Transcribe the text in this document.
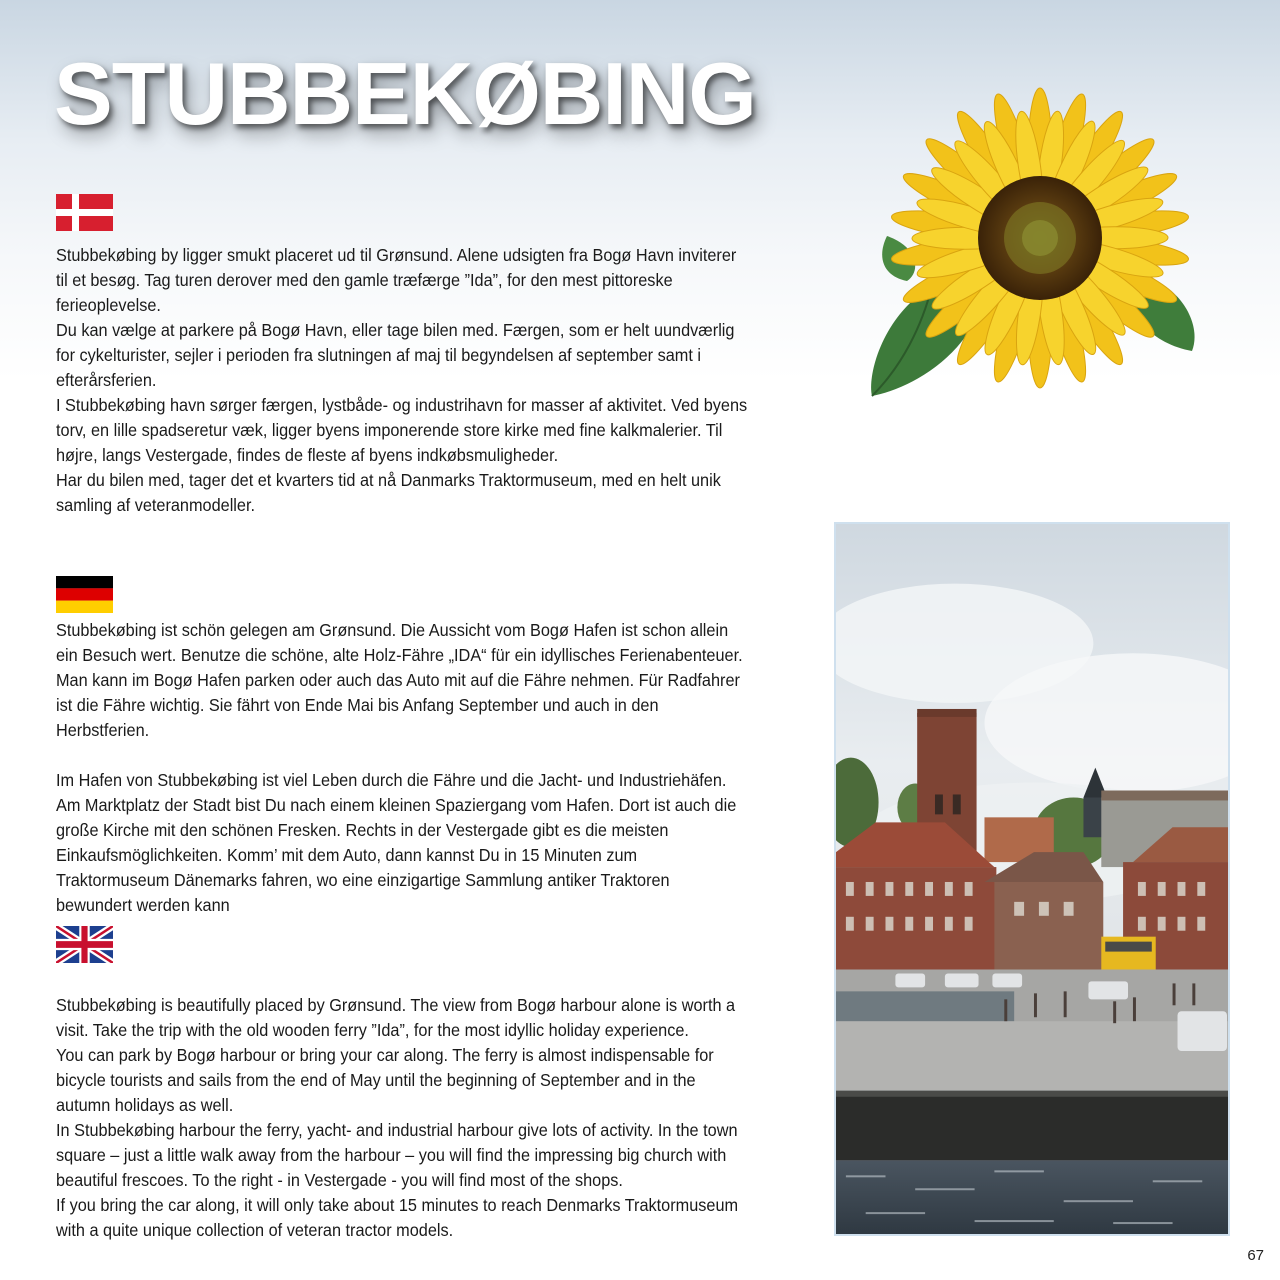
STUBBEKØBING

Stubbekøbing by ligger smukt placeret ud til Grønsund. Alene udsigten fra Bogø Havn inviterer til et besøg. Tag turen derover med den gamle træfærge ”Ida”, for den mest pittoreske ferieoplevelse.

Du kan vælge at parkere på Bogø Havn, eller tage bilen med. Færgen, som er helt uundværlig for cykelturister, sejler i perioden fra slutningen af maj til begyndelsen af september samt i efterårsferien.

I Stubbekøbing havn sørger færgen, lystbåde- og industrihavn for masser af aktivitet. Ved byens torv, en lille spadseretur væk, ligger byens imponerende store kirke med fine kalkmalerier. Til højre, langs Vestergade, findes de fleste af byens indkøbsmuligheder.

Har du bilen med, tager det et kvarters tid at nå Danmarks Traktormuseum, med en helt unik samling af veteranmodeller.

Stubbekøbing ist schön gelegen am Grønsund. Die Aussicht vom Bogø Hafen ist schon allein ein Besuch wert. Benutze die schöne, alte Holz-Fähre „IDA“ für ein idyllisches Ferienabenteuer. Man kann im Bogø Hafen parken oder auch das Auto mit auf die Fähre nehmen. Für Radfahrer ist die Fähre wichtig. Sie fährt von Ende Mai bis Anfang September und auch in den Herbstferien.

Im Hafen von Stubbekøbing ist viel Leben durch die Fähre und die Jacht- und Industriehäfen. Am Marktplatz der Stadt bist Du nach einem kleinen Spaziergang vom Hafen. Dort ist auch die große Kirche mit den schönen Fresken. Rechts in der Vestergade gibt es die meisten Einkaufsmöglichkeiten. Komm’ mit dem Auto, dann kannst Du in 15 Minuten zum Traktormuseum Dänemarks fahren, wo eine einzigartige Sammlung antiker Traktoren bewundert werden kann

Stubbekøbing is beautifully placed by Grønsund. The view from Bogø harbour alone is worth a visit. Take the trip with the old wooden ferry ”Ida”, for the most idyllic holiday experience.

You can park by Bogø harbour or bring your car along. The ferry is almost indispensable for bicycle tourists and sails from the end of May until the beginning of September and in the autumn holidays as well.

In Stubbekøbing harbour the ferry, yacht- and industrial harbour give lots of activity. In the town square – just a little walk away from the harbour – you will find the impressing big church with beautiful frescoes. To the right - in Vestergade - you will find most of the shops.

If you bring the car along, it will only take about 15 minutes to reach Denmarks Traktormuseum with a quite unique collection of veteran tractor models.

67
